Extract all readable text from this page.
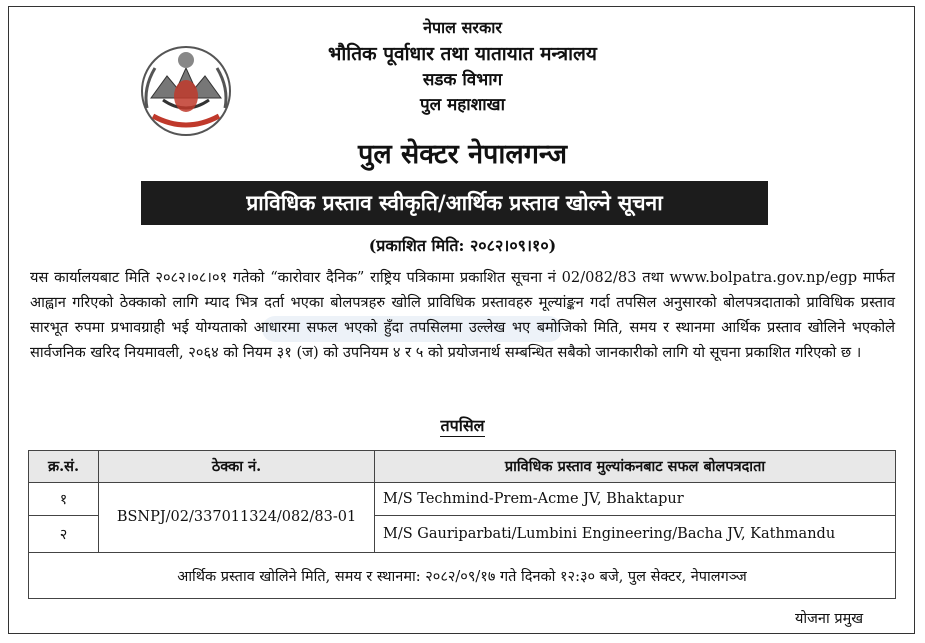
नेपाल सरकार
भौतिक पूर्वाधार तथा यातायात मन्त्रालय
सडक विभाग
पुल महाशाखा
पुल सेक्टर नेपालगन्ज
प्राविधिक प्रस्ताव स्वीकृति/आर्थिक प्रस्ताव खोल्ने सूचना
(प्रकाशित मिति: २०८२।०९।१०)

यस कार्यालयबाट मिति २०८२।०८।०१ गतेको “कारोवार दैनिक” राष्ट्रिय पत्रिकामा प्रकाशित सूचना नं 02/082/83 तथा www.bolpatra.gov.np/egp मार्फत आह्वान गरिएको ठेक्काको लागि म्याद भित्र दर्ता भएका बोलपत्रहरु खोलि प्राविधिक प्रस्तावहरु मूल्यांङ्कन गर्दा तपसिल अनुसारको बोलपत्रदाताको प्राविधिक प्रस्ताव सारभूत रुपमा प्रभावग्राही भई योग्यताको आधारमा सफल भएको हुँदा तपसिलमा उल्लेख भए बमोजिको मिति, समय र स्थानमा आर्थिक प्रस्ताव खोलिने भएकोले सार्वजनिक खरिद नियमावली, २०६४ को नियम ३१ (ज) को उपनियम ४ र ५ को प्रयोजनार्थ सम्बन्धित सबैको जानकारीको लागि यो सूचना प्रकाशित गरिएको छ ।

तपसिल
क्र.सं.	ठेक्का नं.	प्राविधिक प्रस्ताव मुल्यांकनबाट सफल बोलपत्रदाता
१	BSNPJ/02/337011324/082/83-01	M/S Techmind-Prem-Acme JV, Bhaktapur
२		M/S Gauriparbati/Lumbini Engineering/Bacha JV, Kathmandu
आर्थिक प्रस्ताव खोलिने मिति, समय र स्थानमा: २०८२/०९/१७ गते दिनको १२:३० बजे, पुल सेक्टर, नेपालगञ्ज		
योजना प्रमुख
